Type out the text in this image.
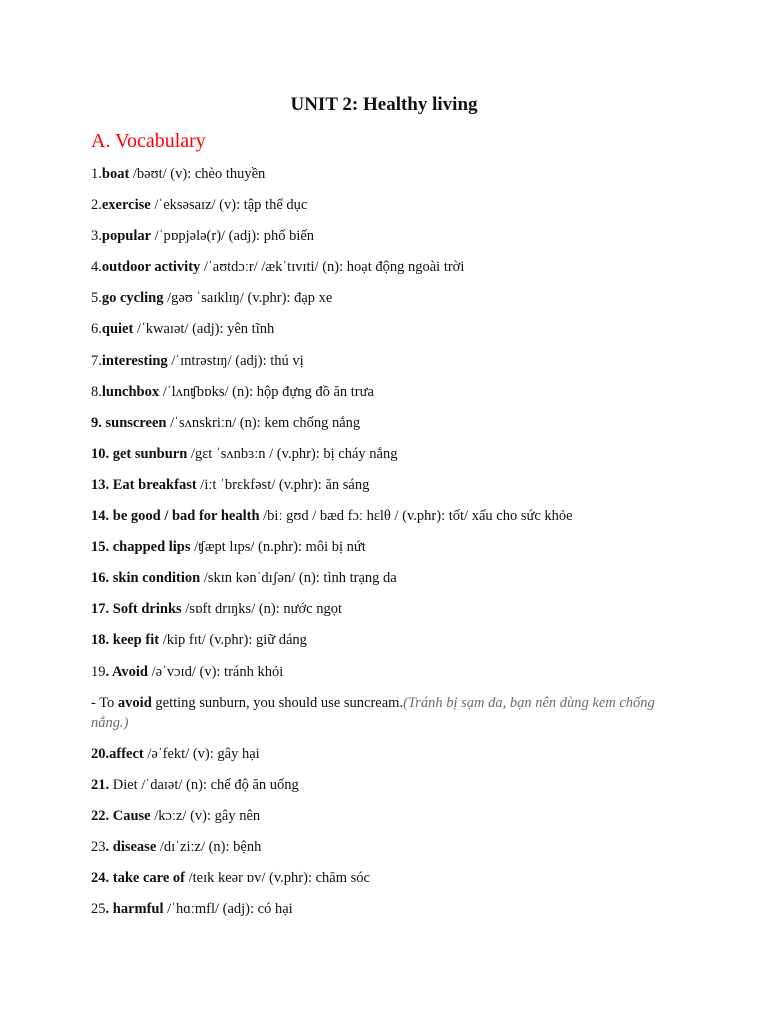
UNIT 2: Healthy living
A. Vocabulary
1.boat /bəʊt/ (v): chèo thuyền
2.exercise /ˈeksəsaɪz/ (v): tập thể dục
3.popular /ˈpɒpjələ(r)/ (adj): phổ biến
4.outdoor activity /ˈaʊtdɔːr/ /ækˈtɪvɪti/ (n): hoạt động ngoài trời
5.go cycling /gəʊ ˈsaɪklɪŋ/ (v.phr): đạp xe
6.quiet /ˈkwaɪət/ (adj): yên tĩnh
7.interesting /ˈɪntrəstɪŋ/ (adj): thú vị
8.lunchbox /ˈlʌnʧbɒks/ (n): hộp đựng đồ ăn trưa
9. sunscreen /ˈsʌnskriːn/ (n): kem chống nắng
10. get sunburn /gɛt ˈsʌnbɜːn / (v.phr): bị cháy nắng
13. Eat breakfast /iːt ˈbrɛkfəst/ (v.phr): ăn sáng
14. be good / bad for health /biː gʊd / bæd fɔː hɛlθ / (v.phr): tốt/ xấu cho sức khỏe
15. chapped lips /ʧæpt lɪps/ (n.phr): môi bị nứt
16. skin condition /skɪn kənˈdɪʃən/ (n): tình trạng da
17. Soft drinks /sɒft drɪŋks/ (n): nước ngọt
18. keep fit /kip fɪt/ (v.phr): giữ dáng
19. Avoid /əˈvɔɪd/ (v): tránh khỏi
- To avoid getting sunburn, you should use suncream.(Tránh bị sạm da, bạn nên dùng kem chống nắng.)
20.affect /əˈfekt/ (v): gây hại
21. Diet /ˈdaɪət/ (n): chế độ ăn uống
22. Cause /kɔːz/ (v): gây nên
23. disease /dɪˈziːz/ (n): bệnh
24. take care of /teɪk keər ɒv/ (v.phr): chăm sóc
25. harmful /ˈhɑːmfl/ (adj): có hại
